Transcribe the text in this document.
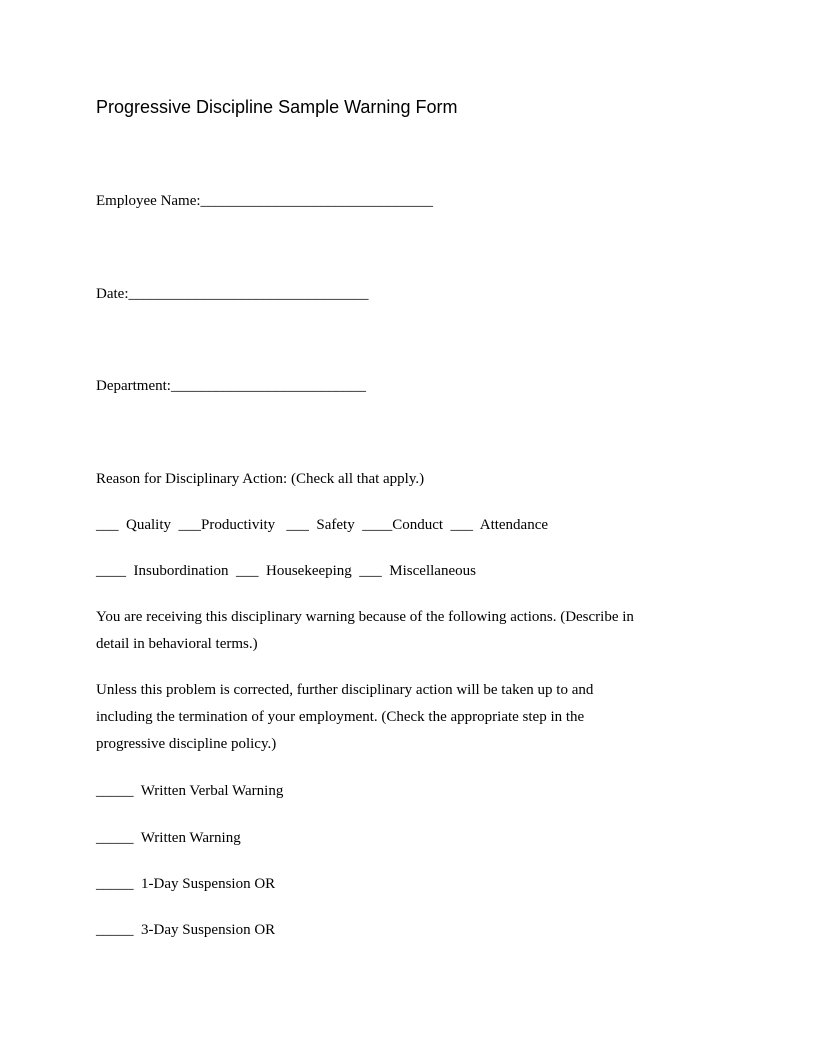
Progressive Discipline Sample Warning Form
Employee Name:_______________________________
Date:________________________________
Department:__________________________
Reason for Disciplinary Action: (Check all that apply.)
___  Quality  ___Productivity   ___  Safety  ____Conduct  ___  Attendance
____  Insubordination  ___  Housekeeping  ___  Miscellaneous
You are receiving this disciplinary warning because of the following actions. (Describe in
detail in behavioral terms.)
Unless this problem is corrected, further disciplinary action will be taken up to and
including the termination of your employment. (Check the appropriate step in the
progressive discipline policy.)
_____  Written Verbal Warning
_____  Written Warning
_____  1-Day Suspension OR
_____  3-Day Suspension OR
